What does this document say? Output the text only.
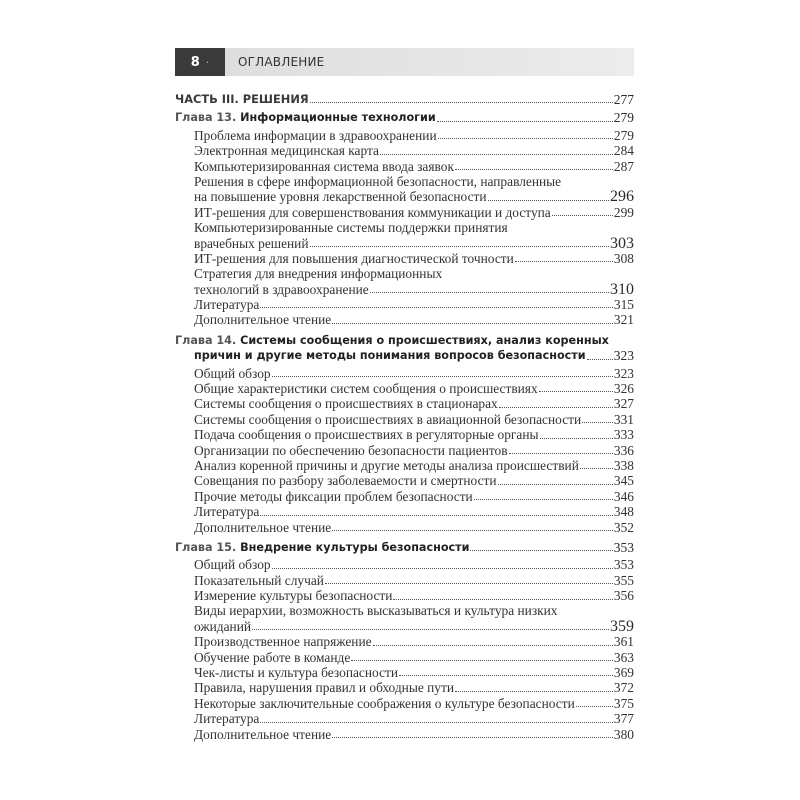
8 · ОГЛАВЛЕНИЕ
ЧАСТЬ III. РЕШЕНИЯ	277
Глава 13. Информационные технологии	279
Проблема информации в здравоохранении	279
Электронная медицинская карта	284
Компьютеризированная система ввода заявок	287
Решения в сфере информационной безопасности, направленные
на повышение уровня лекарственной безопасности	296
ИТ-решения для совершенствования коммуникации и доступа	299
Компьютеризированные системы поддержки принятия
врачебных решений	303
ИТ-решения для повышения диагностической точности	308
Стратегия для внедрения информационных
технологий в здравоохранение	310
Литература	315
Дополнительное чтение	321
Глава 14. Системы сообщения о происшествиях, анализ коренных
причин и другие методы понимания вопросов безопасности 323
Общий обзор	323
Общие характеристики систем сообщения о происшествиях	326
Системы сообщения о происшествиях в стационарах	327
Системы сообщения о происшествиях в авиационной безопасности 331
Подача сообщения о происшествиях в регуляторные органы	333
Организации по обеспечению безопасности пациентов	336
Анализ коренной причины и другие методы анализа происшествий	338
Совещания по разбору заболеваемости и смертности	345
Прочие методы фиксации проблем безопасности	346
Литература	348
Дополнительное чтение	352
Глава 15. Внедрение культуры безопасности	353
Общий обзор	353
Показательный случай	355
Измерение культуры безопасности	356
Виды иерархии, возможность высказываться и культура низких
ожиданий	359
Производственное напряжение	361
Обучение работе в команде	363
Чек-листы и культура безопасности	369
Правила, нарушения правил и обходные пути	372
Некоторые заключительные соображения о культуре безопасности	375
Литература	377
Дополнительное чтение	380
